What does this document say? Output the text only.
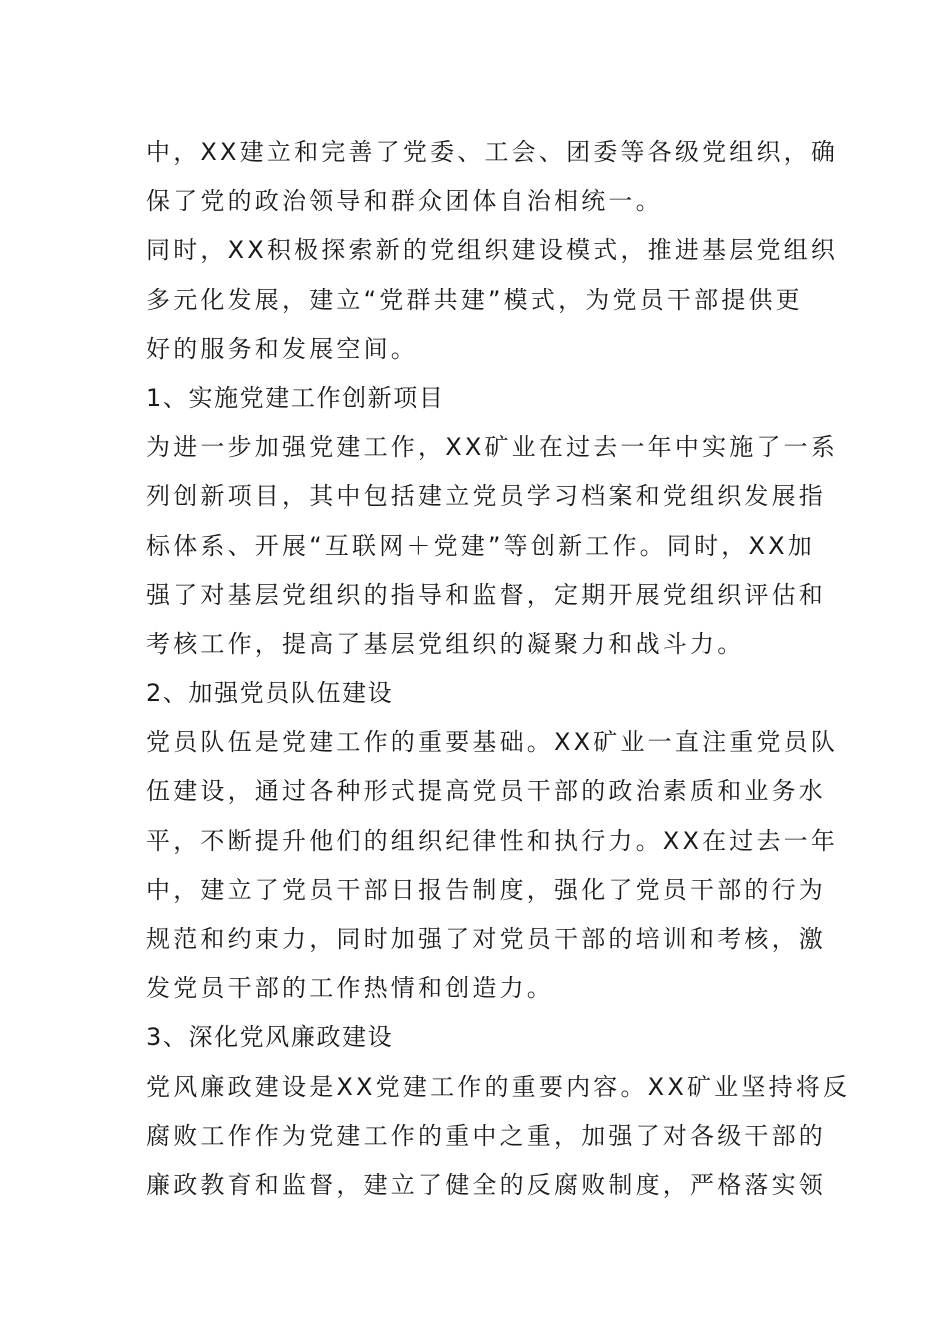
中，XX建立和完善了党委、工会、团委等各级党组织，确
保了党的政治领导和群众团体自治相统一。
同时，XX积极探索新的党组织建设模式，推进基层党组织
多元化发展，建立“党群共建”模式，为党员干部提供更
好的服务和发展空间。
1、实施党建工作创新项目
为进一步加强党建工作，XX矿业在过去一年中实施了一系
列创新项目，其中包括建立党员学习档案和党组织发展指
标体系、开展“互联网＋党建”等创新工作。同时，XX加
强了对基层党组织的指导和监督，定期开展党组织评估和
考核工作，提高了基层党组织的凝聚力和战斗力。
2、加强党员队伍建设
党员队伍是党建工作的重要基础。XX矿业一直注重党员队
伍建设，通过各种形式提高党员干部的政治素质和业务水
平，不断提升他们的组织纪律性和执行力。XX在过去一年
中，建立了党员干部日报告制度，强化了党员干部的行为
规范和约束力，同时加强了对党员干部的培训和考核，激
发党员干部的工作热情和创造力。
3、深化党风廉政建设
党风廉政建设是XX党建工作的重要内容。XX矿业坚持将反
腐败工作作为党建工作的重中之重，加强了对各级干部的
廉政教育和监督，建立了健全的反腐败制度，严格落实领
